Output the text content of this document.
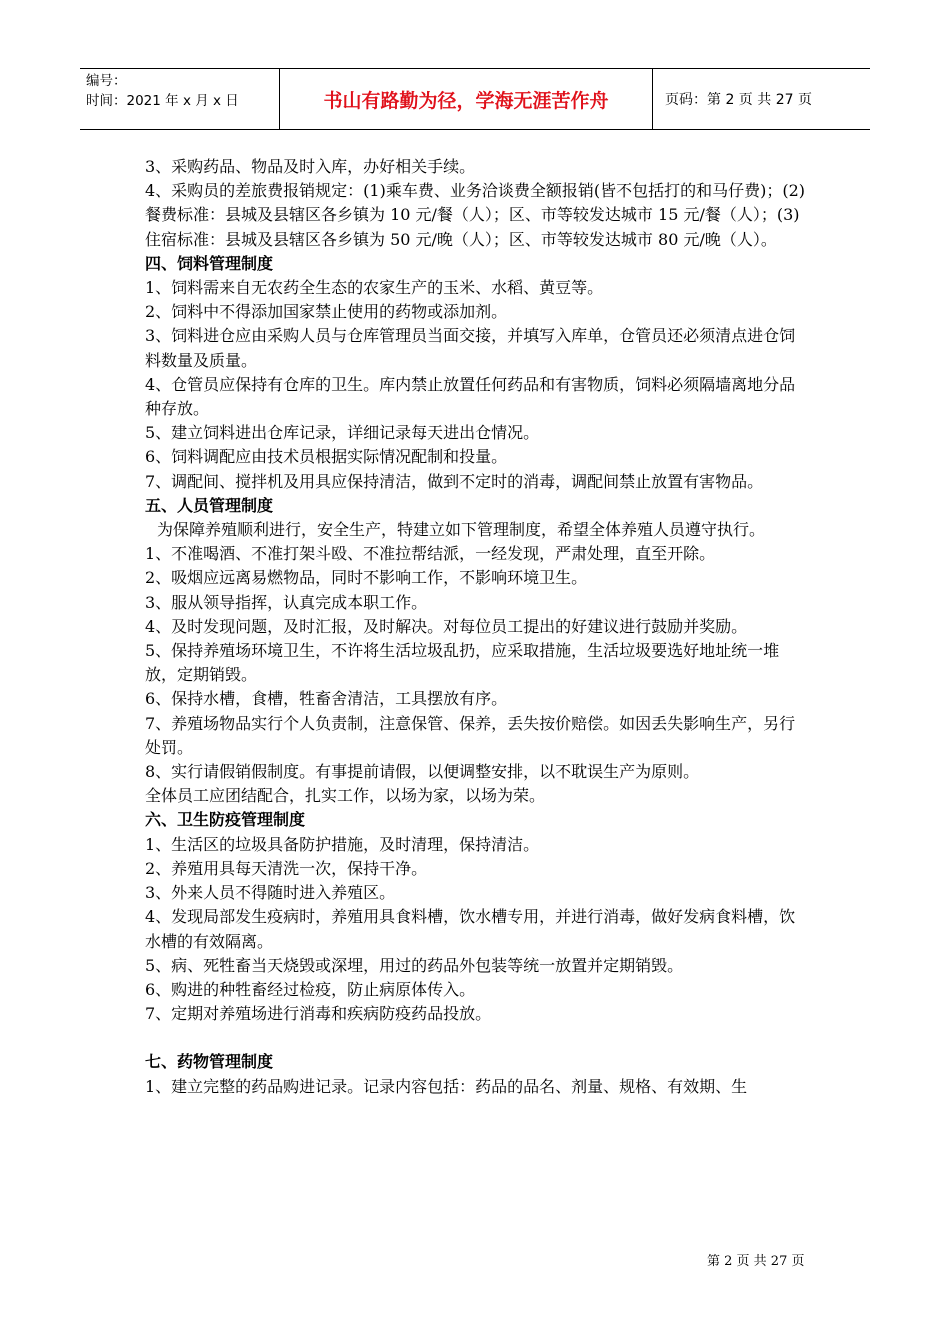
编号：
时间：2021 年 x 月 x 日	书山有路勤为径，学海无涯苦作舟	页码：第 2 页 共 27 页

3、采购药品、物品及时入库，办好相关手续。

4、采购员的差旅费报销规定：(1)乘车费、业务洽谈费全额报销(皆不包括打的和马仔费)；(2)餐费标准：县城及县辖区各乡镇为 10 元/餐（人）；区、市等较发达城市 15 元/餐（人）；(3)住宿标准：县城及县辖区各乡镇为 50 元/晚（人）；区、市等较发达城市 80 元/晚（人）。

四、饲料管理制度

1、饲料需来自无农药全生态的农家生产的玉米、水稻、黄豆等。

2、饲料中不得添加国家禁止使用的药物或添加剂。

3、饲料进仓应由采购人员与仓库管理员当面交接，并填写入库单，仓管员还必须清点进仓饲料数量及质量。

4、仓管员应保持有仓库的卫生。库内禁止放置任何药品和有害物质，饲料必须隔墙离地分品种存放。

5、建立饲料进出仓库记录，详细记录每天进出仓情况。

6、饲料调配应由技术员根据实际情况配制和投量。

7、调配间、搅拌机及用具应保持清洁，做到不定时的消毒，调配间禁止放置有害物品。

五、人员管理制度

为保障养殖顺利进行，安全生产，特建立如下管理制度，希望全体养殖人员遵守执行。

1、不准喝酒、不准打架斗殴、不准拉帮结派，一经发现，严肃处理，直至开除。

2、吸烟应远离易燃物品，同时不影响工作，不影响环境卫生。

3、服从领导指挥，认真完成本职工作。

4、及时发现问题，及时汇报，及时解决。对每位员工提出的好建议进行鼓励并奖励。

5、保持养殖场环境卫生，不许将生活垃圾乱扔，应采取措施，生活垃圾要选好地址统一堆放，定期销毁。

6、保持水槽，食槽，牲畜舍清洁，工具摆放有序。

7、养殖场物品实行个人负责制，注意保管、保养，丢失按价赔偿。如因丢失影响生产，另行处罚。

8、实行请假销假制度。有事提前请假，以便调整安排，以不耽误生产为原则。

全体员工应团结配合，扎实工作，以场为家，以场为荣。

六、卫生防疫管理制度

1、生活区的垃圾具备防护措施，及时清理，保持清洁。

2、养殖用具每天清洗一次，保持干净。

3、外来人员不得随时进入养殖区。

4、发现局部发生疫病时，养殖用具食料槽，饮水槽专用，并进行消毒，做好发病食料槽，饮水槽的有效隔离。

5、病、死牲畜当天烧毁或深埋，用过的药品外包装等统一放置并定期销毁。

6、购进的种牲畜经过检疫，防止病原体传入。

7、定期对养殖场进行消毒和疾病防疫药品投放。

七、药物管理制度

1、建立完整的药品购进记录。记录内容包括：药品的品名、剂量、规格、有效期、生

第 2 页 共 27 页
